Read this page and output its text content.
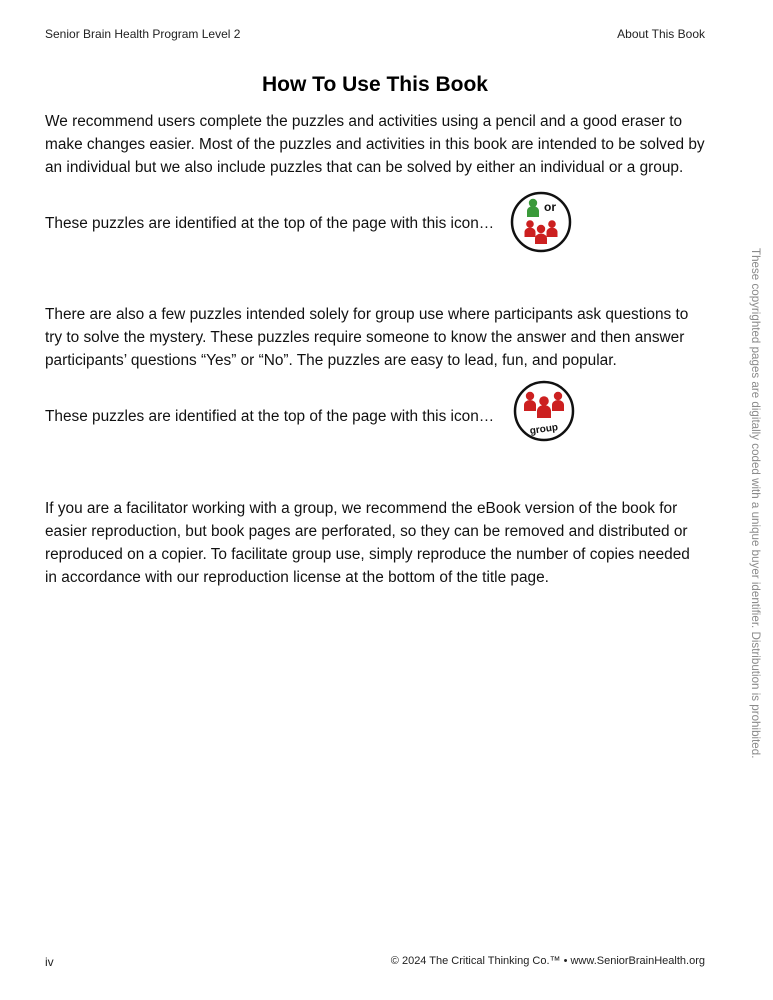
Senior Brain Health Program Level 2	About This Book
How To Use This Book
We recommend users complete the puzzles and activities using a pencil and a good eraser to make changes easier. Most of the puzzles and activities in this book are intended to be solved by an individual but we also include puzzles that can be solved by either an individual or a group.
These puzzles are identified at the top of the page with this icon…
or
There are also a few puzzles intended solely for group use where participants ask questions to try to solve the mystery. These puzzles require someone to know the answer and then answer participants’ questions “Yes” or “No”. The puzzles are easy to lead, fun, and popular.
These puzzles are identified at the top of the page with this icon…
group
If you are a facilitator working with a group, we recommend the eBook version of the book for easier reproduction, but book pages are perforated, so they can be removed and distributed or reproduced on a copier. To facilitate group use, simply reproduce the number of copies needed in accordance with our reproduction license at the bottom of the title page.	These copyrighted pages are digitally coded with a unique buyer identifier. Distribution is prohibited.
iv	© 2024 The Critical Thinking Co.™ • www.SeniorBrainHealth.org
